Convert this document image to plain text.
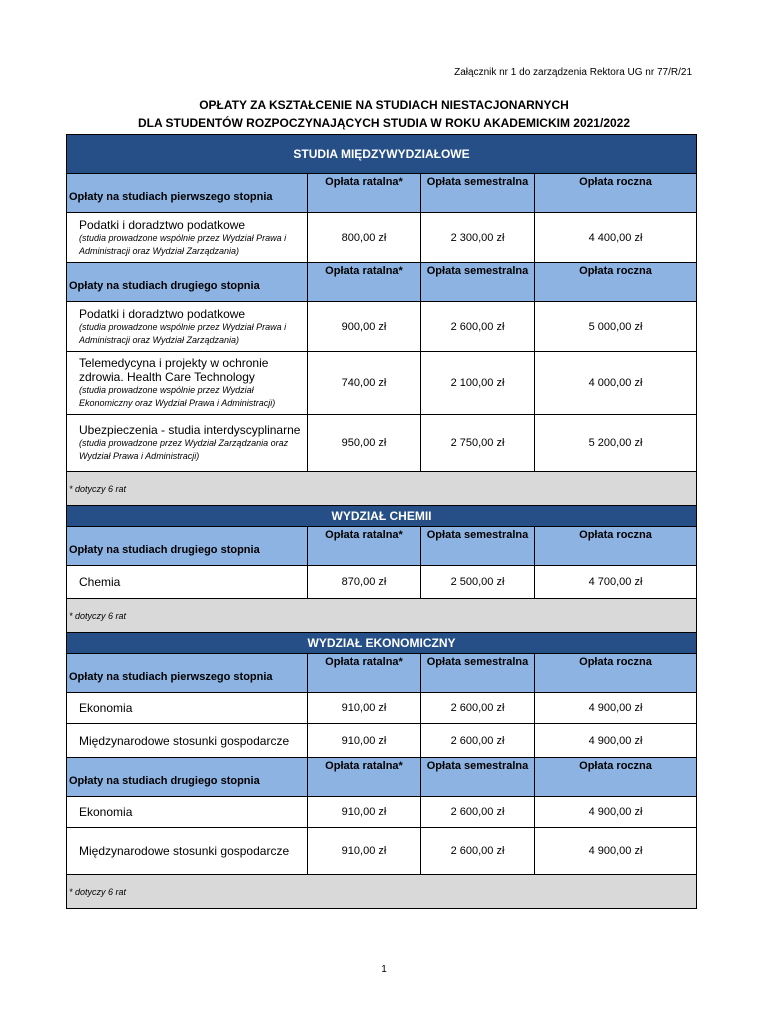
Załącznik nr 1 do zarządzenia Rektora UG nr 77/R/21
OPŁATY ZA KSZTAŁCENIE NA STUDIACH NIESTACJONARNYCH
DLA STUDENTÓW ROZPOCZYNAJĄCYCH STUDIA W ROKU AKADEMICKIM 2021/2022
STUDIA MIĘDZYWYDZIAŁOWE			
Opłaty na studiach pierwszego stopnia	Opłata ratalna*	Opłata semestralna	Opłata roczna

Podatki i doradztwo podatkowe
(studia prowadzone wspólnie przez Wydział Prawa i Administracji oraz Wydział Zarządzania)	800,00 zł	2 300,00 zł	4 400,00 zł
Opłaty na studiach drugiego stopnia	Opłata ratalna*	Opłata semestralna	Opłata roczna

Podatki i doradztwo podatkowe
(studia prowadzone wspólnie przez Wydział Prawa i Administracji oraz Wydział Zarządzania)	900,00 zł	2 600,00 zł	5 000,00 zł

Telemedycyna i projekty w ochronie zdrowia. Health Care Technology
(studia prowadzone wspólnie przez Wydział Ekonomiczny oraz Wydział Prawa i Administracji)	740,00 zł	2 100,00 zł	4 000,00 zł

Ubezpieczenia - studia interdyscyplinarne
(studia prowadzone przez Wydział Zarządzania oraz Wydział Prawa i Administracji)	950,00 zł	2 750,00 zł	5 200,00 zł
* dotyczy 6 rat			
WYDZIAŁ CHEMII			
Opłaty na studiach drugiego stopnia	Opłata ratalna*	Opłata semestralna	Opłata roczna

Chemia	870,00 zł	2 500,00 zł	4 700,00 zł
* dotyczy 6 rat			
WYDZIAŁ EKONOMICZNY			
Opłaty na studiach pierwszego stopnia	Opłata ratalna*	Opłata semestralna	Opłata roczna

Ekonomia	910,00 zł	2 600,00 zł	4 900,00 zł

Międzynarodowe stosunki gospodarcze	910,00 zł	2 600,00 zł	4 900,00 zł
Opłaty na studiach drugiego stopnia	Opłata ratalna*	Opłata semestralna	Opłata roczna

Ekonomia	910,00 zł	2 600,00 zł	4 900,00 zł

Międzynarodowe stosunki gospodarcze	910,00 zł	2 600,00 zł	4 900,00 zł
* dotyczy 6 rat			
1
